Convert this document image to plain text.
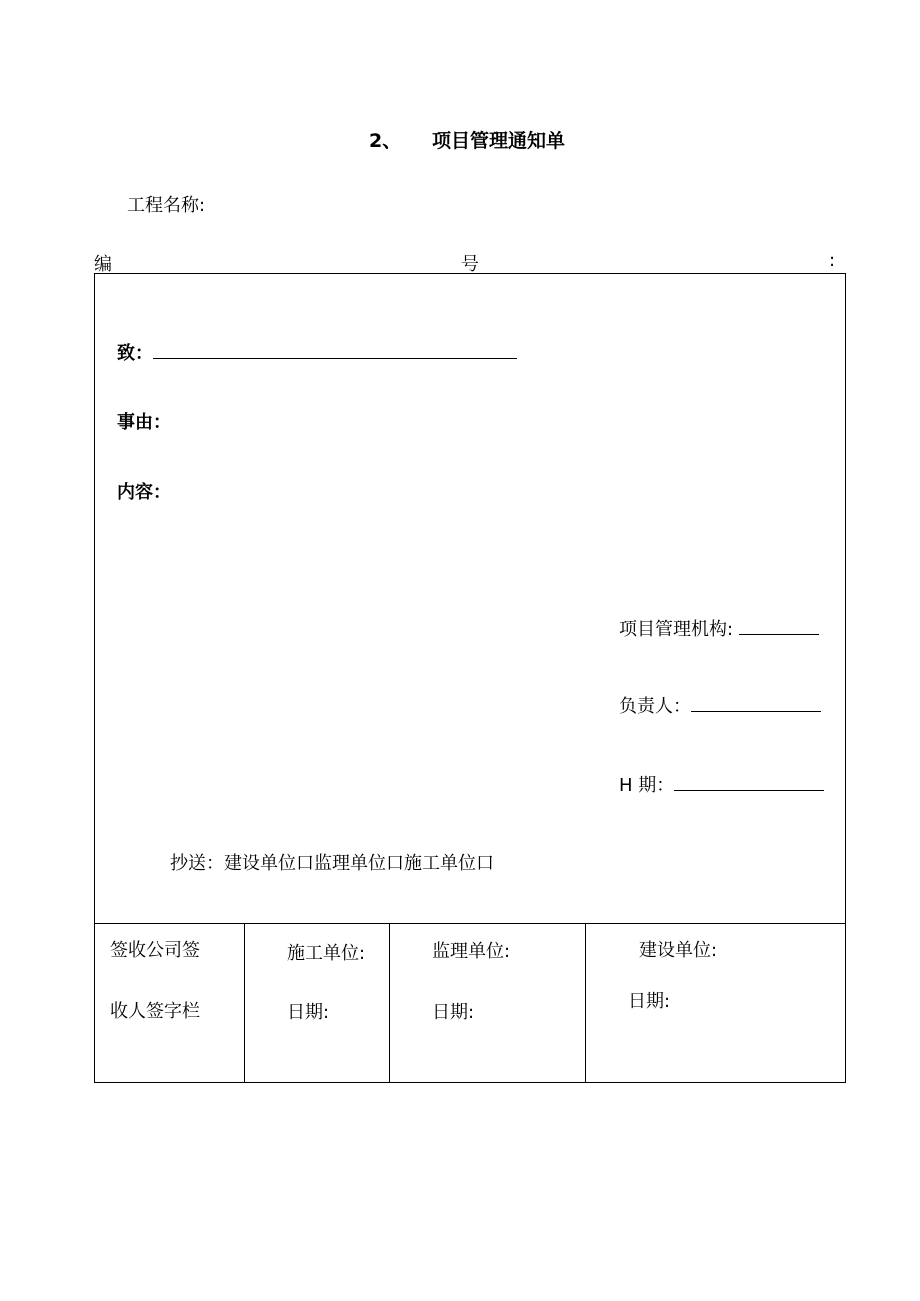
2、 项目管理通知单
工程名称:
编	号	:
致：
事由：
内容：
项目管理机构:
负责人：
H 期：
抄送：建设单位口监理单位口施工单位口
签收公司签
收人签字栏
施工单位:
日期:
监理单位:
日期:
建设单位:
日期:
